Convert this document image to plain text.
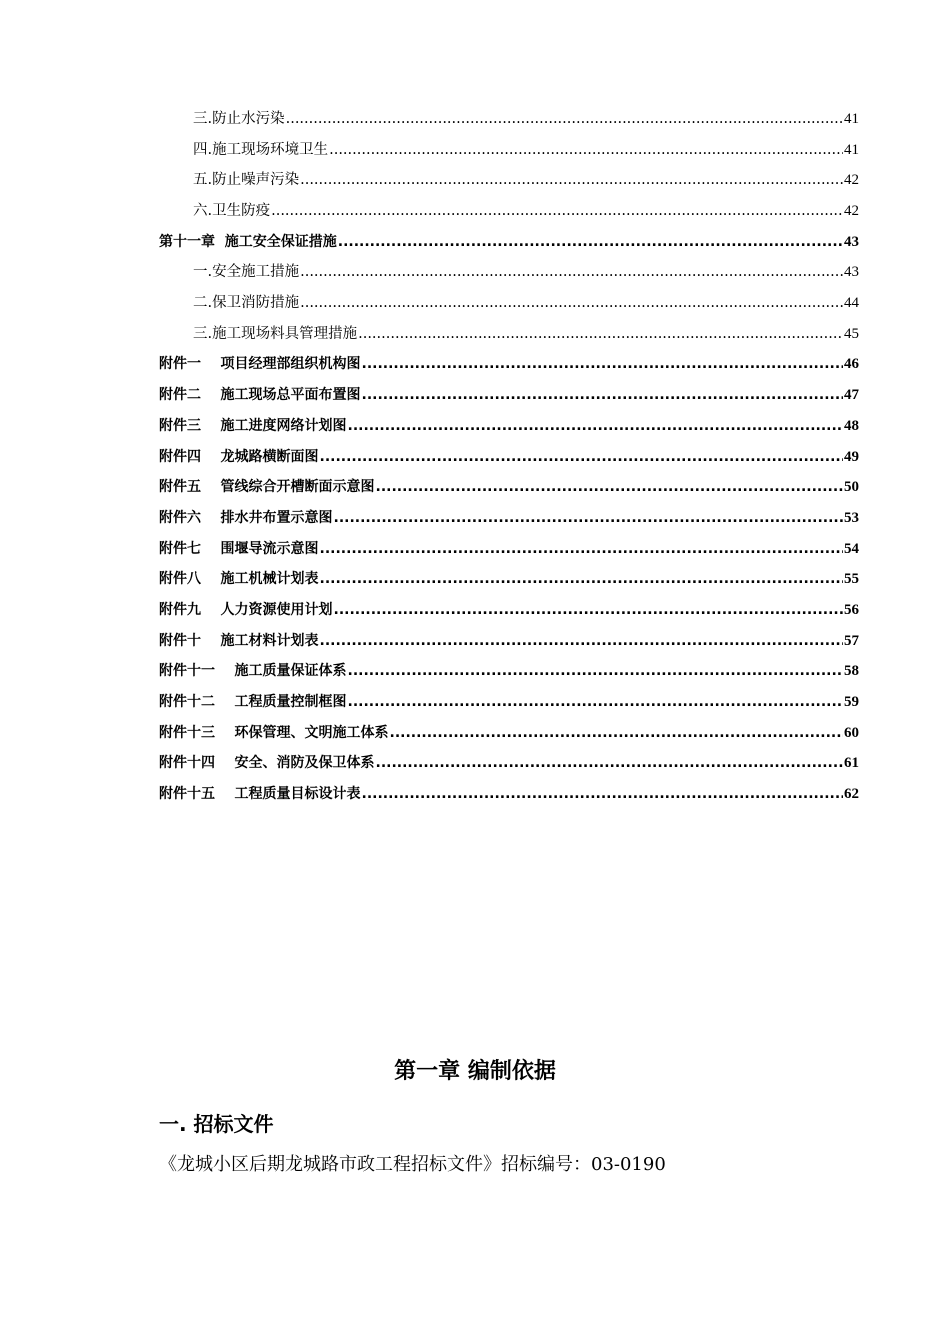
三.防止水污染 .....	41
四.施工现场环境卫生 .....	41
五.防止噪声污染 .....	42
六.卫生防疫 .....	42
第十一章  施工安全保证措施 .....	43
一.安全施工措施 .....	43
二.保卫消防措施 .....	44
三.施工现场料具管理措施 .....	45
附件一    项目经理部组织机构图 .....	46
附件二    施工现场总平面布置图 .....	47
附件三    施工进度网络计划图 .....	48
附件四    龙城路横断面图 .....	49
附件五    管线综合开槽断面示意图 .....	50
附件六    排水井布置示意图 .....	53
附件七    围堰导流示意图 .....	54
附件八    施工机械计划表 .....	55
附件九    人力资源使用计划 .....	56
附件十    施工材料计划表 .....	57
附件十一    施工质量保证体系 .....	58
附件十二    工程质量控制框图 .....	59
附件十三    环保管理、文明施工体系 .....	60
附件十四    安全、消防及保卫体系 .....	61
附件十五    工程质量目标设计表 .....	62
第一章 编制依据
一. 招标文件
《龙城小区后期龙城路市政工程招标文件》招标编号：03-0190
